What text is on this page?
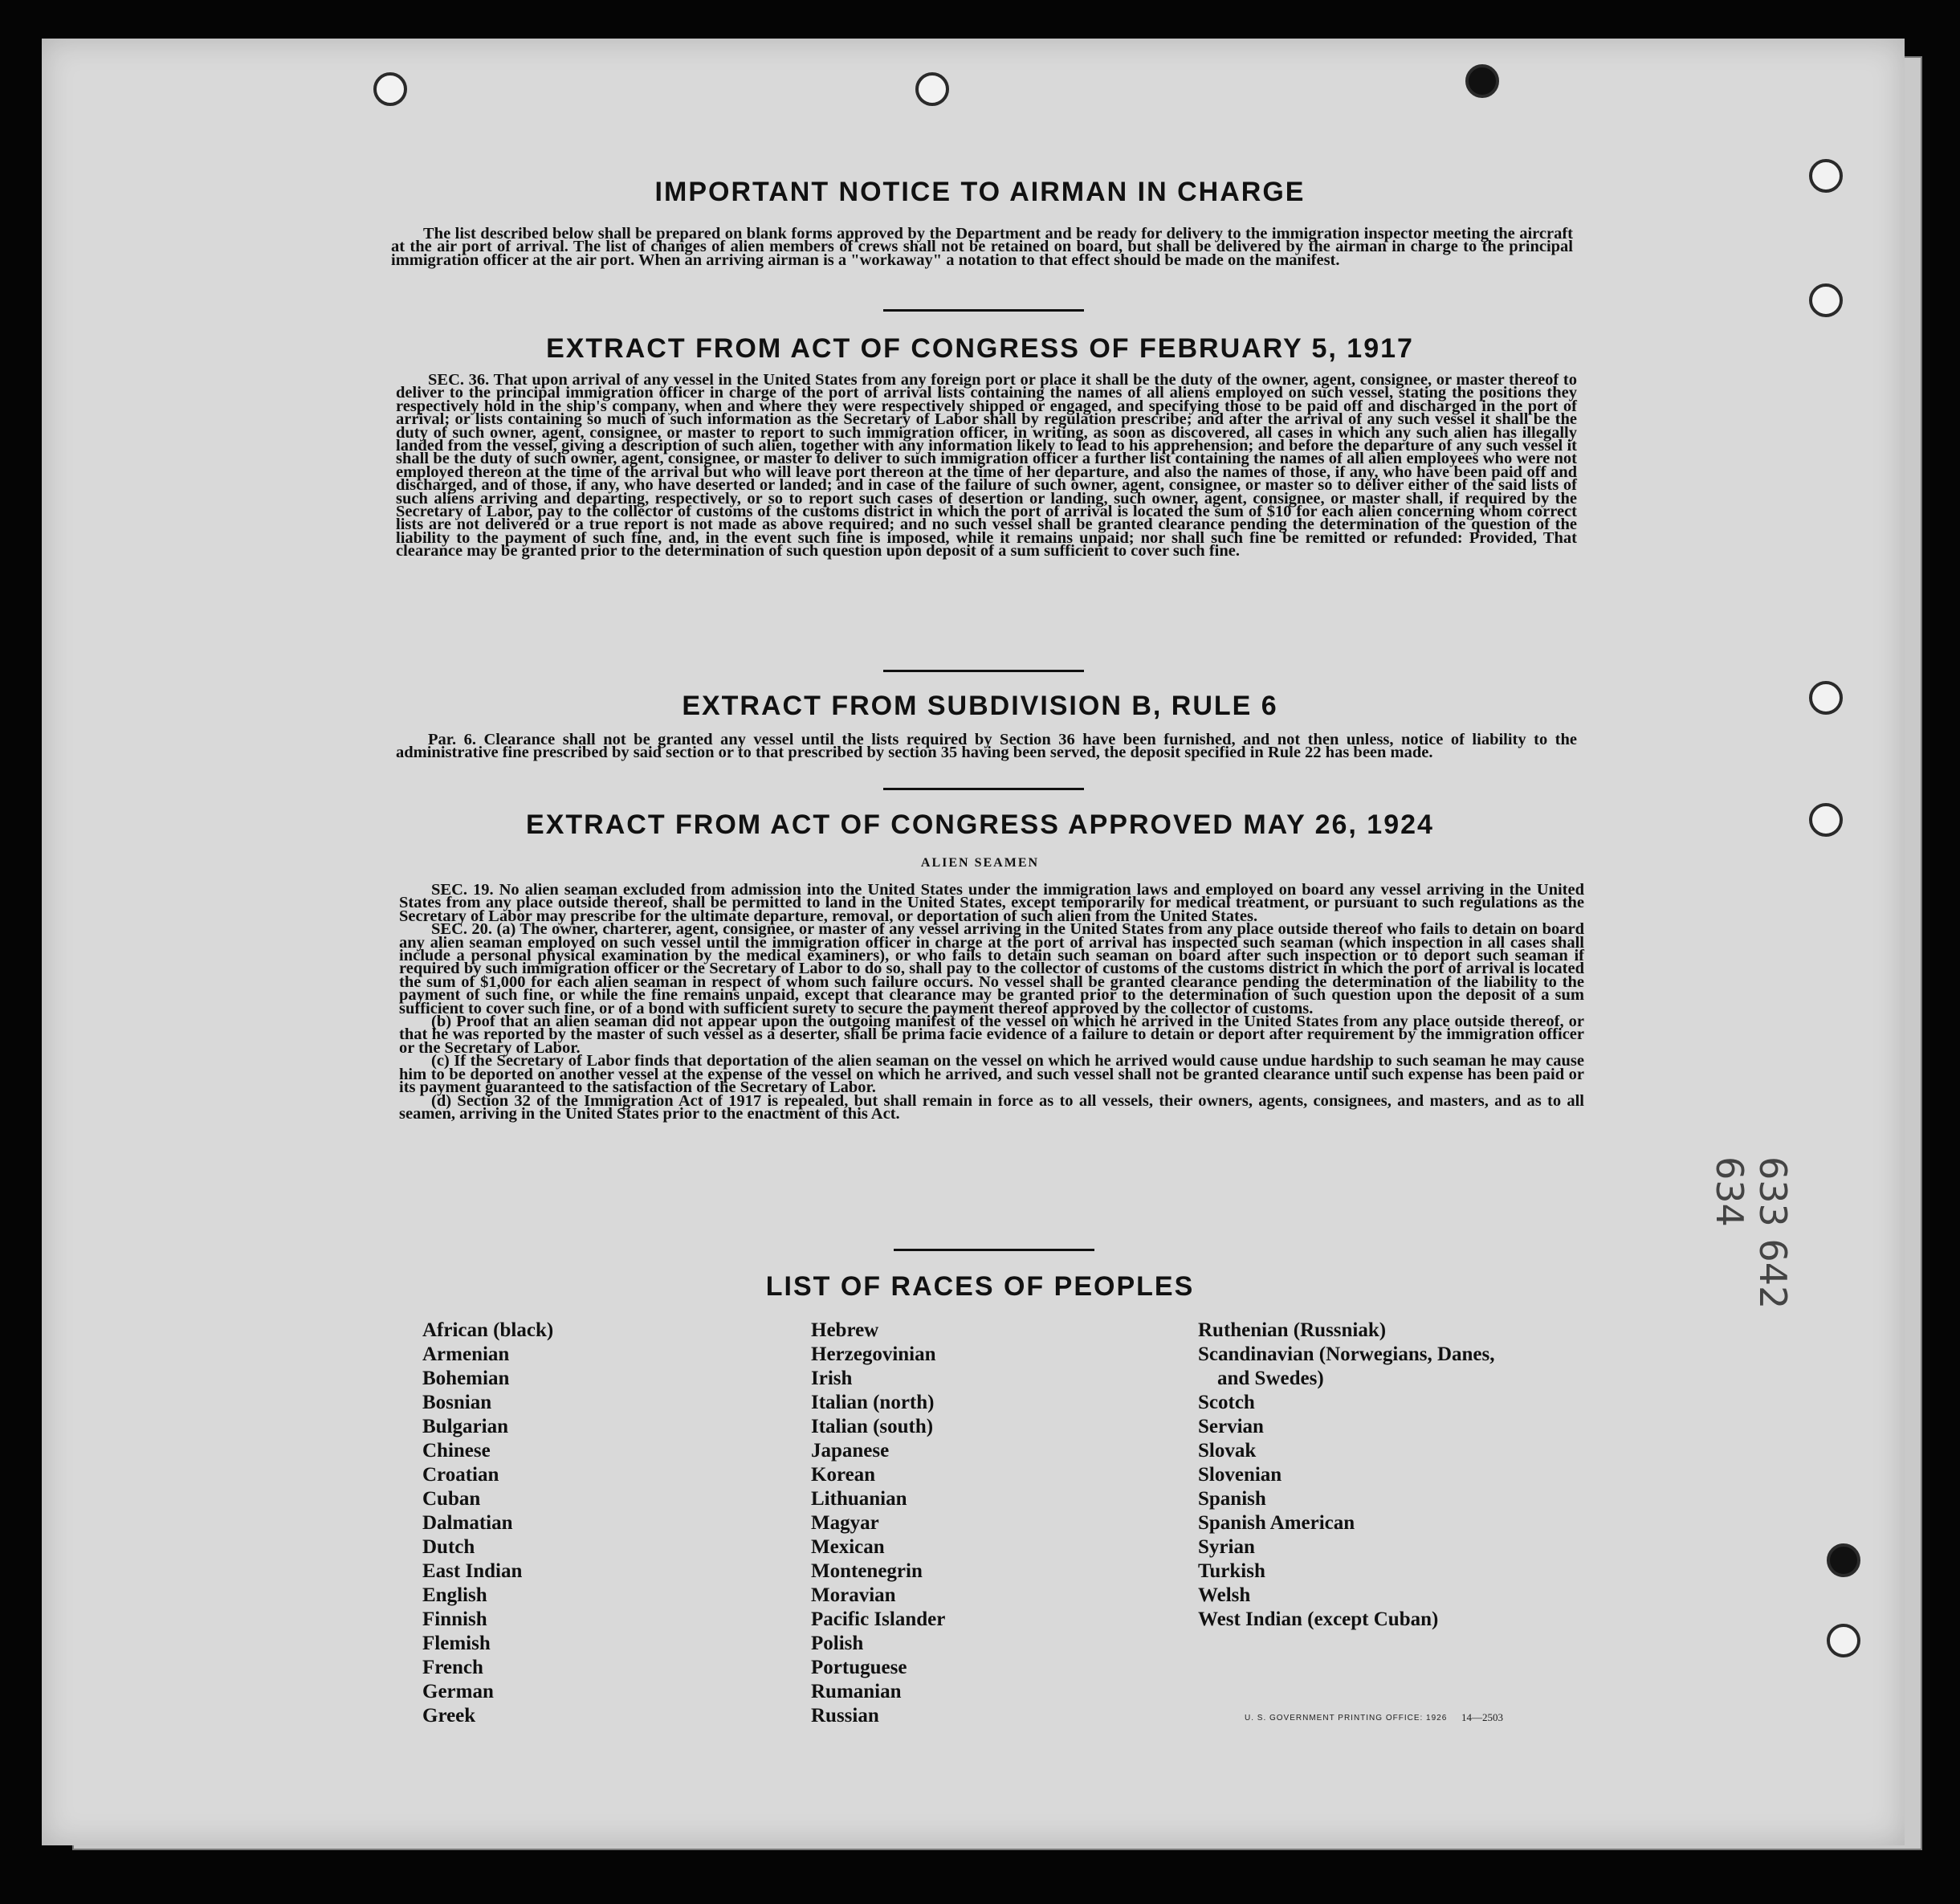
IMPORTANT NOTICE TO AIRMAN IN CHARGE

The list described below shall be prepared on blank forms approved by the Department and be ready for delivery to the immigration inspector meeting the aircraft at the air port of arrival. The list of changes of alien members of crews shall not be retained on board, but shall be delivered by the airman in charge to the principal immigration officer at the air port. When an arriving airman is a "workaway" a notation to that effect should be made on the manifest.

EXTRACT FROM ACT OF CONGRESS OF FEBRUARY 5, 1917

SEC. 36. That upon arrival of any vessel in the United States from any foreign port or place it shall be the duty of the owner, agent, consignee, or master thereof to deliver to the principal immigration officer in charge of the port of arrival lists containing the names of all aliens employed on such vessel, stating the positions they respectively hold in the ship's company, when and where they were respectively shipped or engaged, and specifying those to be paid off and discharged in the port of arrival; or lists containing so much of such information as the Secretary of Labor shall by regulation prescribe; and after the arrival of any such vessel it shall be the duty of such owner, agent, consignee, or master to report to such immigration officer, in writing, as soon as discovered, all cases in which any such alien has illegally landed from the vessel, giving a description of such alien, together with any information likely to lead to his apprehension; and before the departure of any such vessel it shall be the duty of such owner, agent, consignee, or master to deliver to such immigration officer a further list containing the names of all alien employees who were not employed thereon at the time of the arrival but who will leave port thereon at the time of her departure, and also the names of those, if any, who have been paid off and discharged, and of those, if any, who have deserted or landed; and in case of the failure of such owner, agent, consignee, or master so to deliver either of the said lists of such aliens arriving and departing, respectively, or so to report such cases of desertion or landing, such owner, agent, consignee, or master shall, if required by the Secretary of Labor, pay to the collector of customs of the customs district in which the port of arrival is located the sum of $10 for each alien concerning whom correct lists are not delivered or a true report is not made as above required; and no such vessel shall be granted clearance pending the determination of the question of the liability to the payment of such fine, and, in the event such fine is imposed, while it remains unpaid; nor shall such fine be remitted or refunded: Provided, That clearance may be granted prior to the determination of such question upon deposit of a sum sufficient to cover such fine.

EXTRACT FROM SUBDIVISION B, RULE 6

Par. 6. Clearance shall not be granted any vessel until the lists required by Section 36 have been furnished, and not then unless, notice of liability to the administrative fine prescribed by said section or to that prescribed by section 35 having been served, the deposit specified in Rule 22 has been made.

EXTRACT FROM ACT OF CONGRESS APPROVED MAY 26, 1924
ALIEN SEAMEN

SEC. 19. No alien seaman excluded from admission into the United States under the immigration laws and employed on board any vessel arriving in the United States from any place outside thereof, shall be permitted to land in the United States, except temporarily for medical treatment, or pursuant to such regulations as the Secretary of Labor may prescribe for the ultimate departure, removal, or deportation of such alien from the United States.

SEC. 20. (a) The owner, charterer, agent, consignee, or master of any vessel arriving in the United States from any place outside thereof who fails to detain on board any alien seaman employed on such vessel until the immigration officer in charge at the port of arrival has inspected such seaman (which inspection in all cases shall include a personal physical examination by the medical examiners), or who fails to detain such seaman on board after such inspection or to deport such seaman if required by such immigration officer or the Secretary of Labor to do so, shall pay to the collector of customs of the customs district in which the port of arrival is located the sum of $1,000 for each alien seaman in respect of whom such failure occurs. No vessel shall be granted clearance pending the determination of the liability to the payment of such fine, or while the fine remains unpaid, except that clearance may be granted prior to the determination of such question upon the deposit of a sum sufficient to cover such fine, or of a bond with sufficient surety to secure the payment thereof approved by the collector of customs.

(b) Proof that an alien seaman did not appear upon the outgoing manifest of the vessel on which he arrived in the United States from any place outside thereof, or that he was reported by the master of such vessel as a deserter, shall be prima facie evidence of a failure to detain or deport after requirement by the immigration officer or the Secretary of Labor.

(c) If the Secretary of Labor finds that deportation of the alien seaman on the vessel on which he arrived would cause undue hardship to such seaman he may cause him to be deported on another vessel at the expense of the vessel on which he arrived, and such vessel shall not be granted clearance until such expense has been paid or its payment guaranteed to the satisfaction of the Secretary of Labor.

(d) Section 32 of the Immigration Act of 1917 is repealed, but shall remain in force as to all vessels, their owners, agents, consignees, and masters, and as to all seamen, arriving in the United States prior to the enactment of this Act.

LIST OF RACES OF PEOPLES
African (black)
Armenian
Bohemian
Bosnian
Bulgarian
Chinese
Croatian
Cuban
Dalmatian
Dutch
East Indian
English
Finnish
Flemish
French
German
Greek
Hebrew
Herzegovinian
Irish
Italian (north)
Italian (south)
Japanese
Korean
Lithuanian
Magyar
Mexican
Montenegrin
Moravian
Pacific Islander
Polish
Portuguese
Rumanian
Russian
Ruthenian (Russniak)
Scandinavian (Norwegians, Danes,
and Swedes)
Scotch
Servian
Slovak
Slovenian
Spanish
Spanish American
Syrian
Turkish
Welsh
West Indian (except Cuban)
U. S. GOVERNMENT PRINTING OFFICE: 1926 14—2503
633 642 634
